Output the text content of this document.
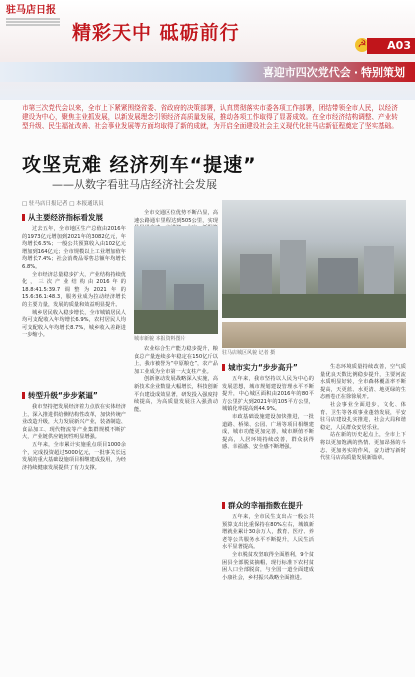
驻马店日报
精彩天中 砥砺前行
☭	A03
喜迎市四次党代会 · 特别策划
市第三次党代会以来，全市上下紧紧围绕省委、省政府的决策部署，认真贯彻落实市委各项工作部署，团结带领全市人民，以经济建设为中心，聚焦主业抓发展，以新发展理念引领经济高质量发展，推动各项工作取得了显著成效。在全市经济结构调整、产业转型升级、民生福祉改善、社会事业发展等方面均取得了新的成就，为开启全面建设社会主义现代化驻马店新征程奠定了坚实基础。
攻坚克难 经济列车“提速”
——从数字看驻马店经济社会发展
□ 驻马店日报记者 □ 本报通讯员
从主要经济指标看发展

过去五年，全市地区生产总值由2016年的1973亿元增加到2021年的3082亿元，年均增长6.5%；一般公共预算收入由102亿元增加到164亿元；全市规模以上工业增加值年均增长7.4%；社会消费品零售总额年均增长6.8%。

全市经济总量稳步扩大，产业结构持续优化，三次产业结构由2016年的18.8:41.5:39.7调整为2021年的15.6:36.1:48.3，服务业成为拉动经济增长的主要力量，发展的质量和效益明显提升。

城乡居民收入稳步增长，全市城镇居民人均可支配收入年均增长6.9%，农村居民人均可支配收入年均增长8.7%，城乡收入差距进一步缩小。

转型升级“步步紧逼”

我市坚持把发展经济着力点放在实体经济上，深入推进供给侧结构性改革，加快传统产业改造升级，大力发展新兴产业，装备制造、食品加工、现代物流等产业集群规模不断扩大，产业链供应链韧性明显增强。

五年来，全市累计实施重点项目1000余个，完成投资超过5000亿元，一批事关长远发展的重大基础设施项目相继建成投用，为经济持续健康发展提供了有力支撑。

全市交通区位优势不断凸显，高速公路通车里程达到505公里，实现

城市新貌 本报资料图片

农业综合生产能力稳步提升，粮食总产量连续多年稳定在150亿斤以上，我市被誉为“中原粮仓”，农产品加工业成为全市第一大支柱产业。

创新驱动发展战略深入实施，高新技术企业数量大幅增长，科技创新平台建设成效显著，研发投入强度持续提高，为高质量发展注入强劲动能。

驻马店城区风貌 记者 摄
城市实力“步步高升”

五年来，我市坚持以人民为中心的发展思想，城市规划建设管理水平不断提升，中心城区面积由2016年的80平方公里扩大到2021年的105平方公里，城镇化率提高到44.9%。

市政基础设施建设加快推进，一批道路、桥梁、公园、广场等项目相继建成，城市功能更加完善，城市颜值不断提高，人居环境持续改善，群众获得感、幸福感、安全感不断增强。

群众的幸福指数在提升

五年来，全市民生支出占一般公共预算支出比重保持在80%左右，城镇新增就业累计30余万人，教育、医疗、养老等公共服务水平不断提升，人民生活水平显著提高。

全市脱贫攻坚取得全面胜利，9个贫困县全部脱贫摘帽，现行标准下农村贫困人口全部脱贫，与全国一道全面建成小康社会，乡村振兴战略全面推进。

生态环境质量持续改善，空气质量优良天数比例稳步提升，主要河流水质明显好转，全市森林覆盖率不断提高，天更蓝、水更清、地更绿的生态画卷正在徐徐展开。

社会事业全面进步，文化、体育、卫生等各项事业蓬勃发展，平安驻马店建设扎实推进，社会大局和谐稳定，人民群众安居乐业。

站在新的历史起点上，全市上下将以更加饱满的热情、更加昂扬的斗志、更加务实的作风，奋力谱写新时代驻马店高质量发展新篇章。
